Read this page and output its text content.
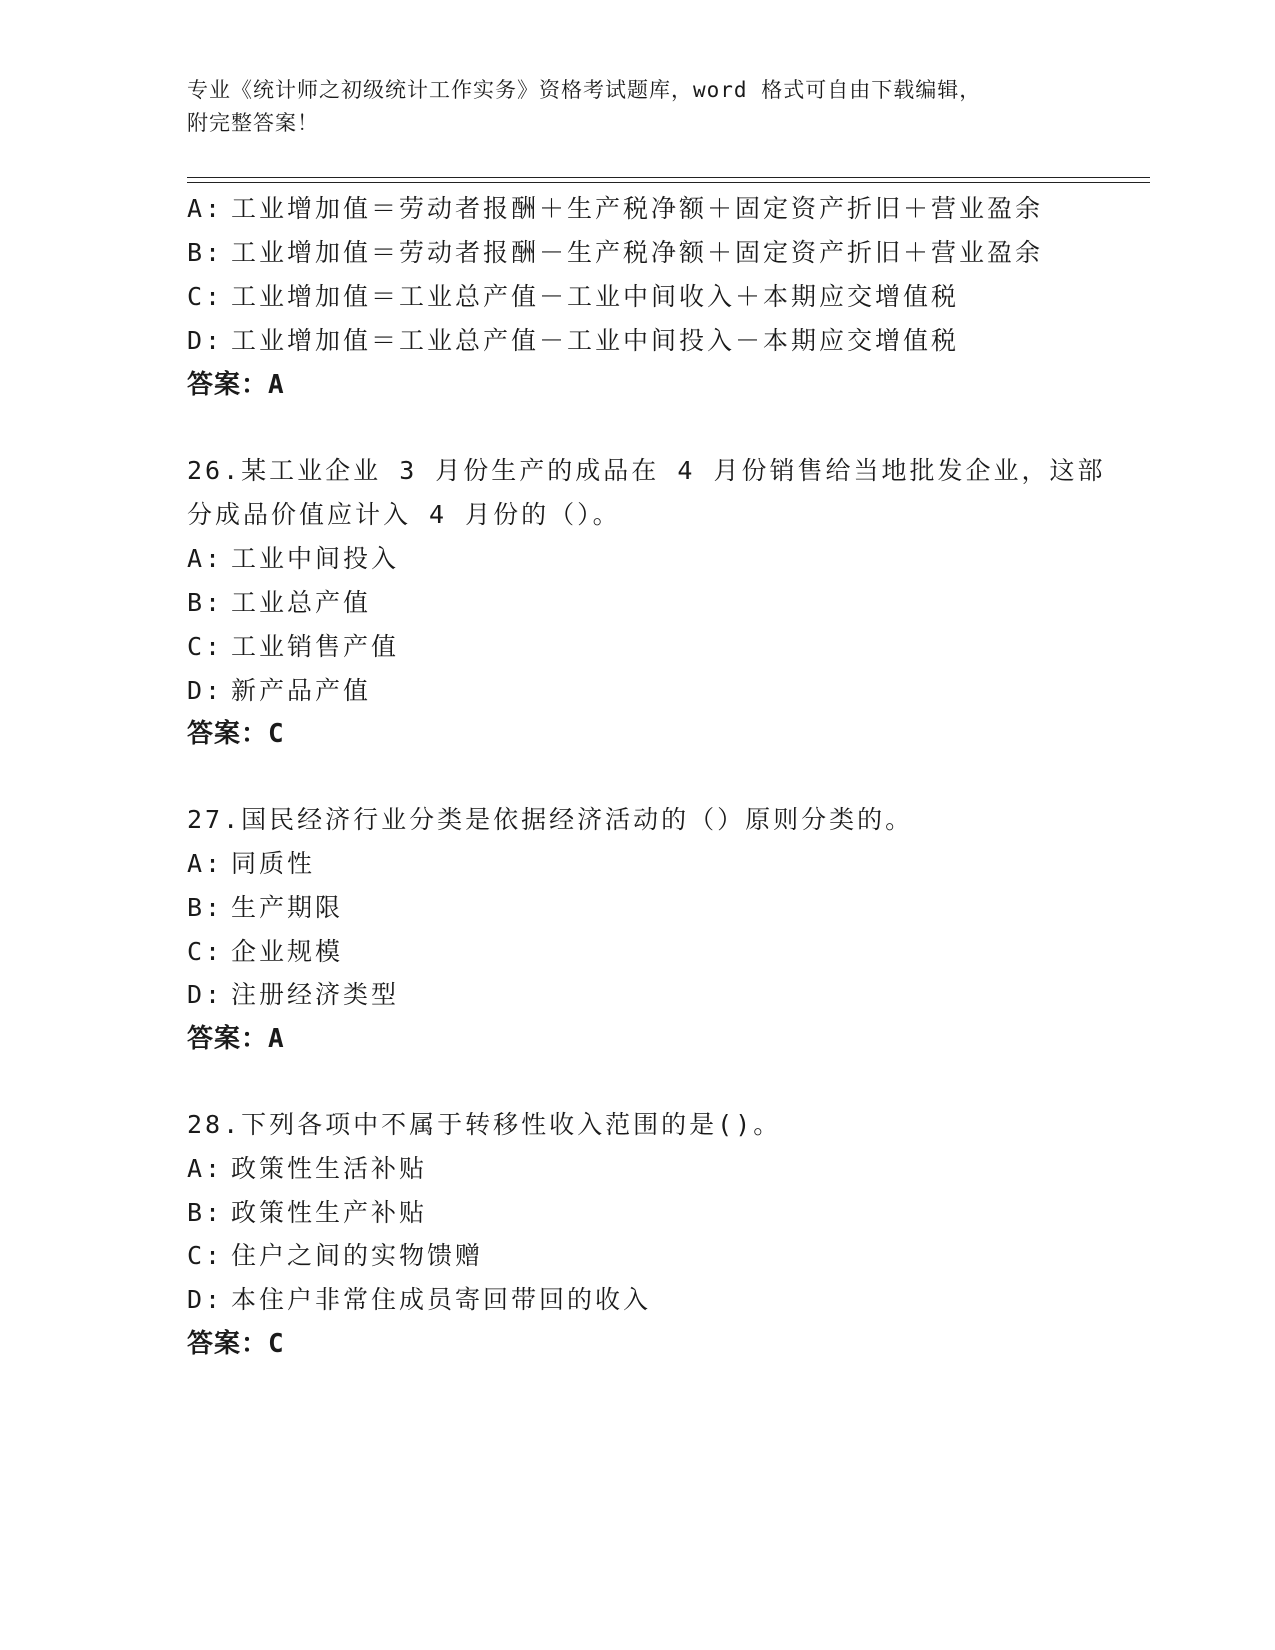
专业《统计师之初级统计工作实务》资格考试题库，word 格式可自由下载编辑，
附完整答案！
A: 工业增加值＝劳动者报酬＋生产税净额＋固定资产折旧＋营业盈余
B: 工业增加值＝劳动者报酬－生产税净额＋固定资产折旧＋营业盈余
C: 工业增加值＝工业总产值－工业中间收入＋本期应交增值税
D: 工业增加值＝工业总产值－工业中间投入－本期应交增值税
答案：A
26.某工业企业 3 月份生产的成品在 4 月份销售给当地批发企业，这部
分成品价值应计入 4 月份的（）。
A: 工业中间投入
B: 工业总产值
C: 工业销售产值
D: 新产品产值
答案：C
27.国民经济行业分类是依据经济活动的（）原则分类的。
A: 同质性
B: 生产期限
C: 企业规模
D: 注册经济类型
答案：A
28.下列各项中不属于转移性收入范围的是()。
A: 政策性生活补贴
B: 政策性生产补贴
C: 住户之间的实物馈赠
D: 本住户非常住成员寄回带回的收入
答案：C
